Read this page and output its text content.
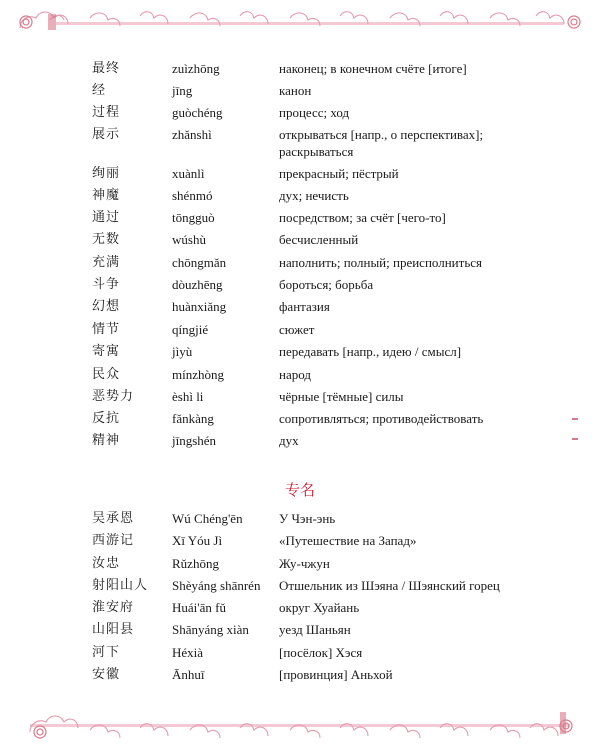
最终	zuìzhōng	наконец; в конечном счёте [итоге]
经	jīng	канон
过程	guòchéng	процесс; ход
展示	zhǎnshì	открываться [напр., о перспективах]; раскрываться
绚丽	xuànlì	прекрасный; пёстрый
神魔	shénmó	дух; нечисть
通过	tōngguò	посредством; за счёт [чего-то]
无数	wúshù	бесчисленный
充满	chōngmǎn	наполнить; полный; преисполниться
斗争	dòuzhēng	бороться; борьба
幻想	huànxiǎng	фантазия
情节	qíngjié	сюжет
寄寓	jìyù	передавать [напр., идею / смысл]
民众	mínzhòng	народ
恶势力	èshì li	чёрные [тёмные] силы
反抗	fǎnkàng	сопротивляться; противодействовать
精神	jīngshén	дух
专名
吴承恩	Wú Chéng'ēn	У Чэн-энь
西游记	Xī Yóu Jì	«Путешествие на Запад»
汝忠	Rǔzhōng	Жу-чжун
射阳山人 Shèyáng shānrén Отшельник из Шэяна / Шэянский горец
淮安府	Huái'ān fǔ	округ Хуайань
山阳县	Shānyáng xiàn уезд Шаньян
河下	Héxià	[посёлок] Хэся
安徽	Ānhuī	[провинция] Аньхой
